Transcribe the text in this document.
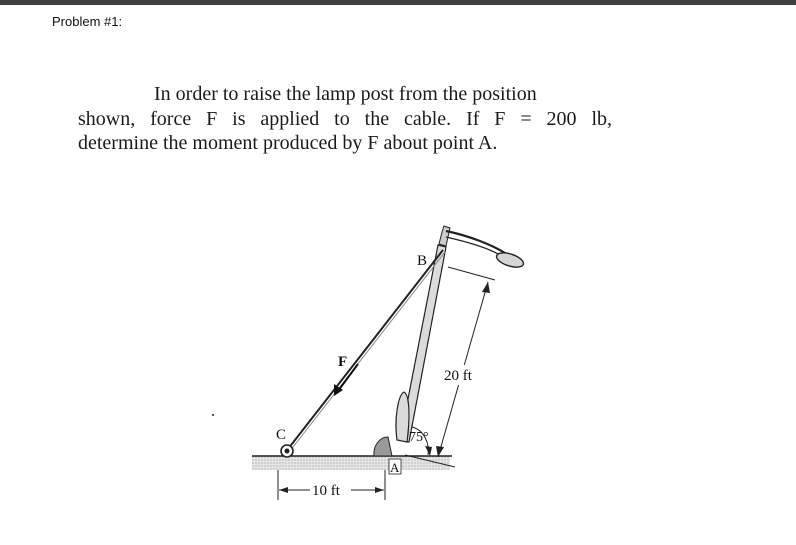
Problem #1:
In order to raise the lamp post from the position
shown, force F is applied to the cable. If F = 200 lb,
determine the moment produced by F about point A.
20 ft
75°
B
F
C
A
10 ft
